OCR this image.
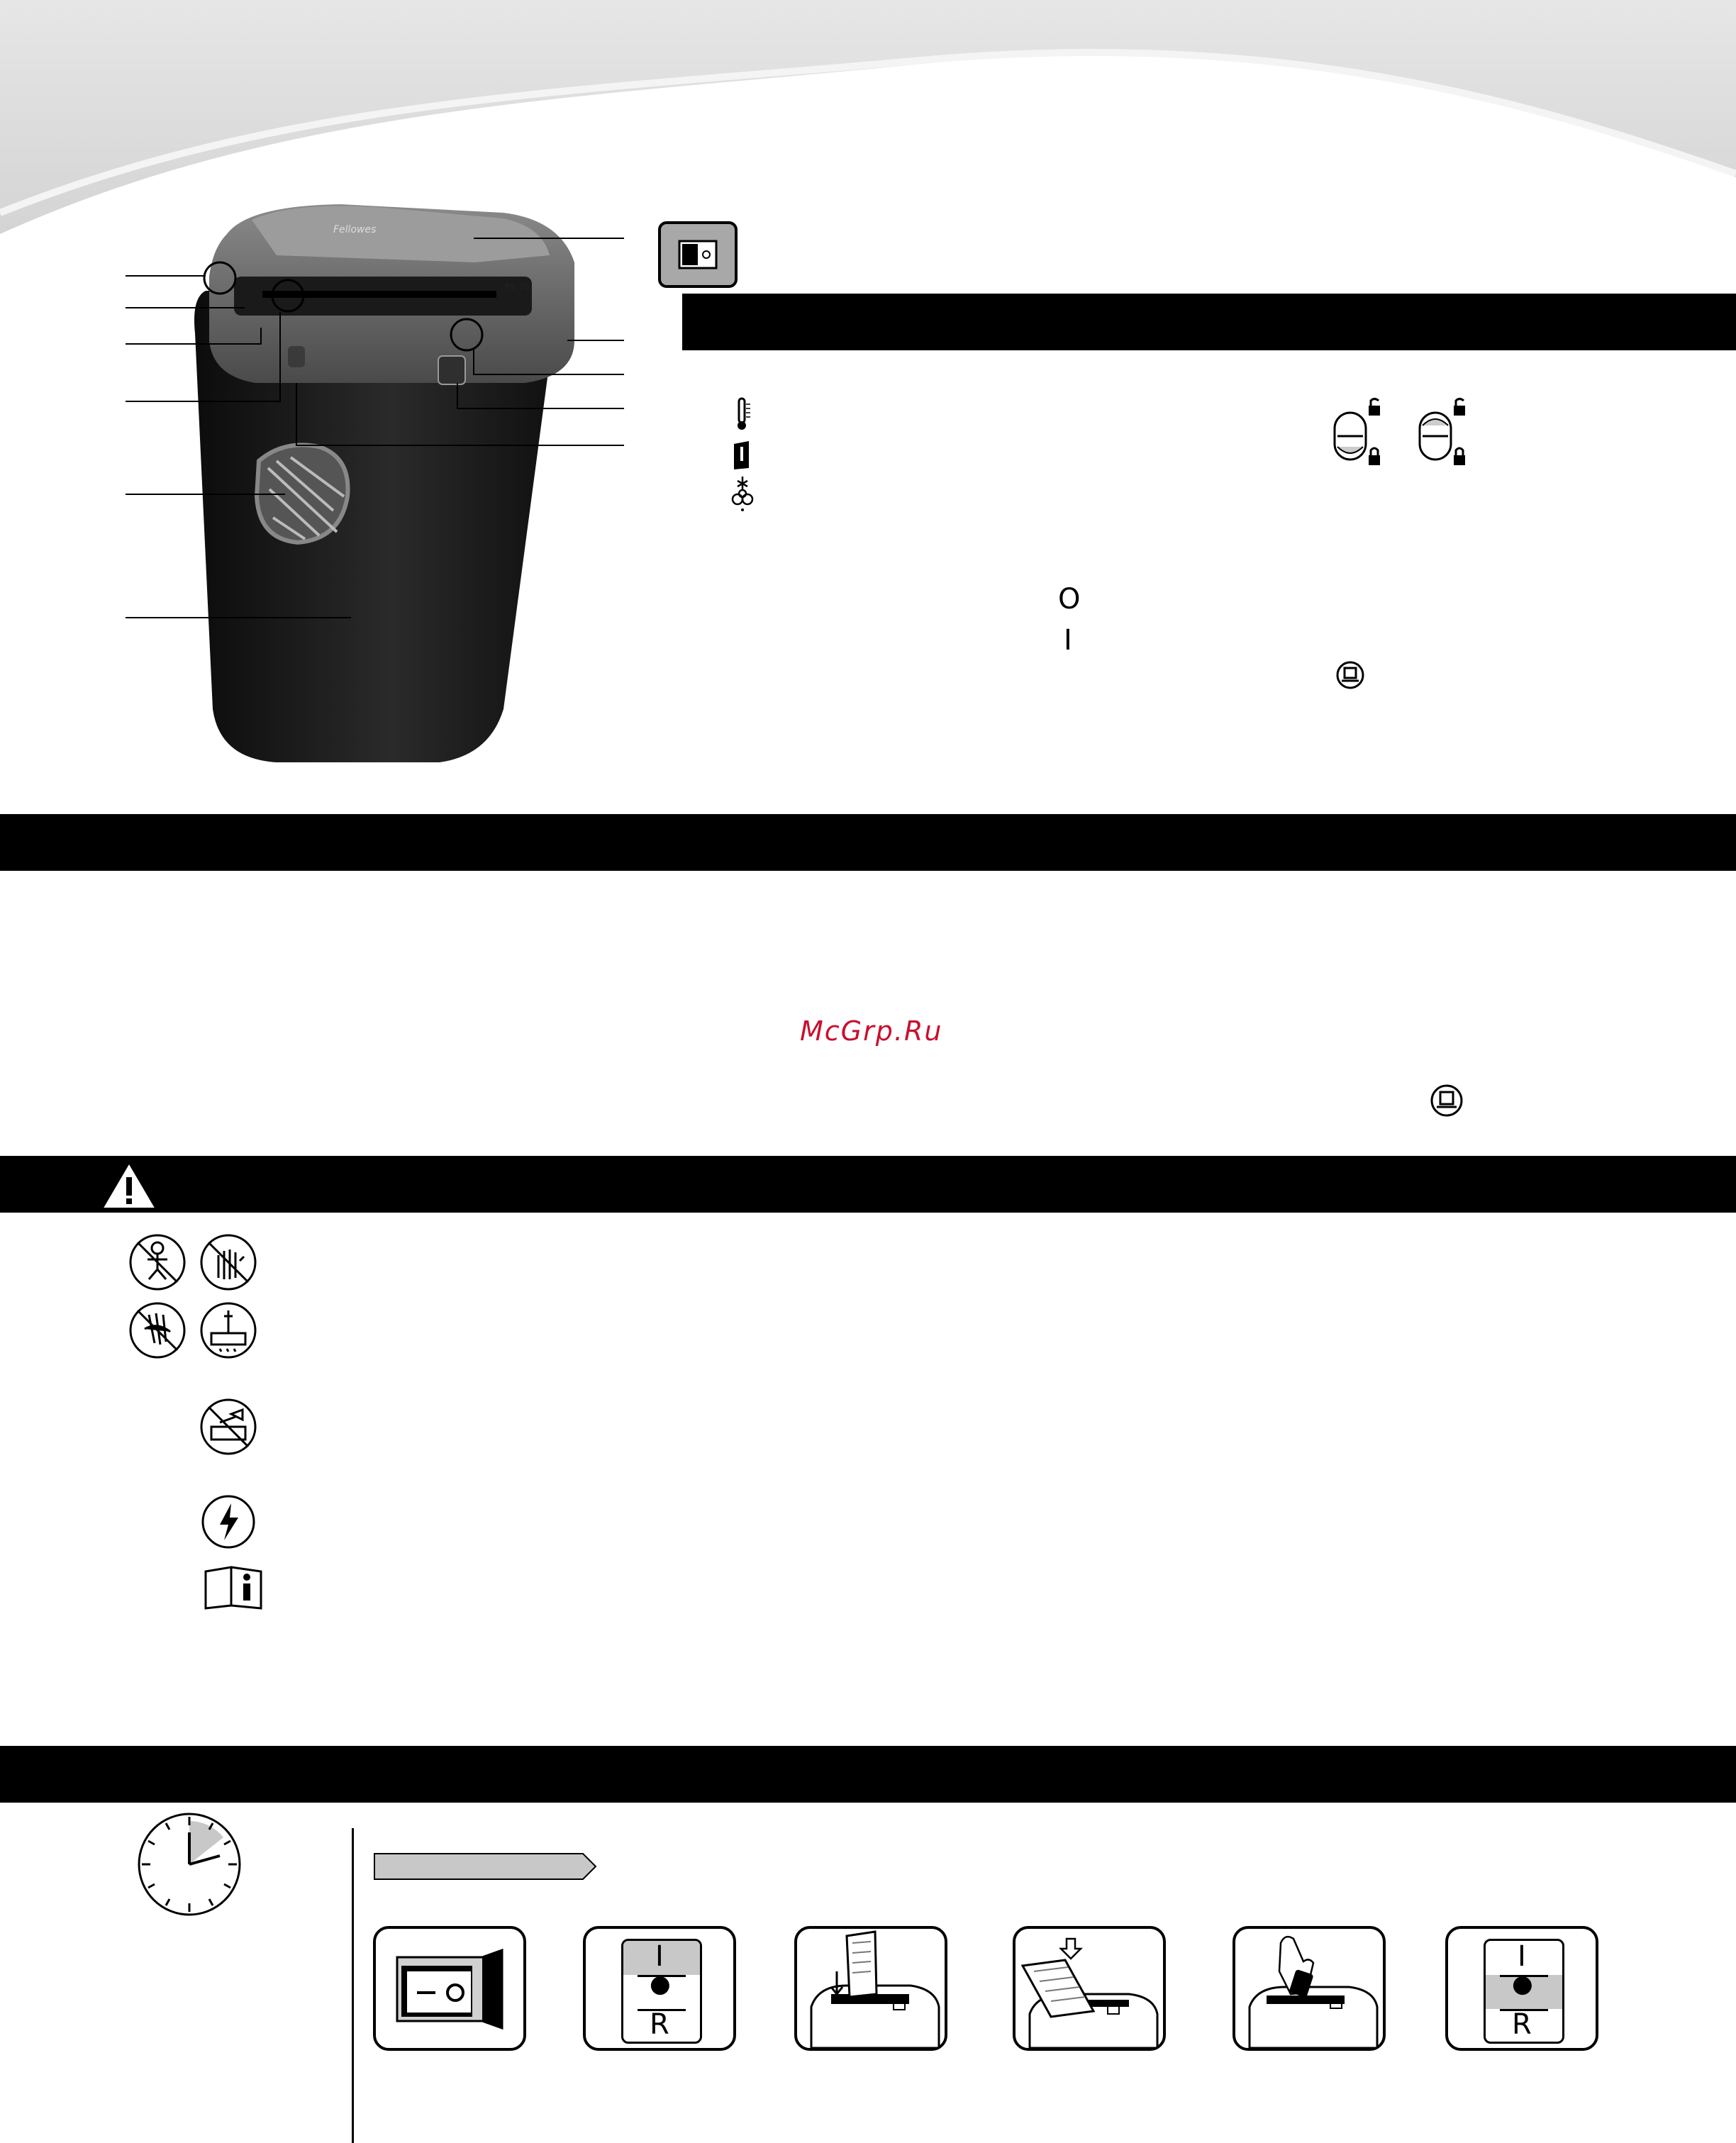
O
I
McGrp.Ru
I
●
R
I
●
R
Fellowes
PS 70
